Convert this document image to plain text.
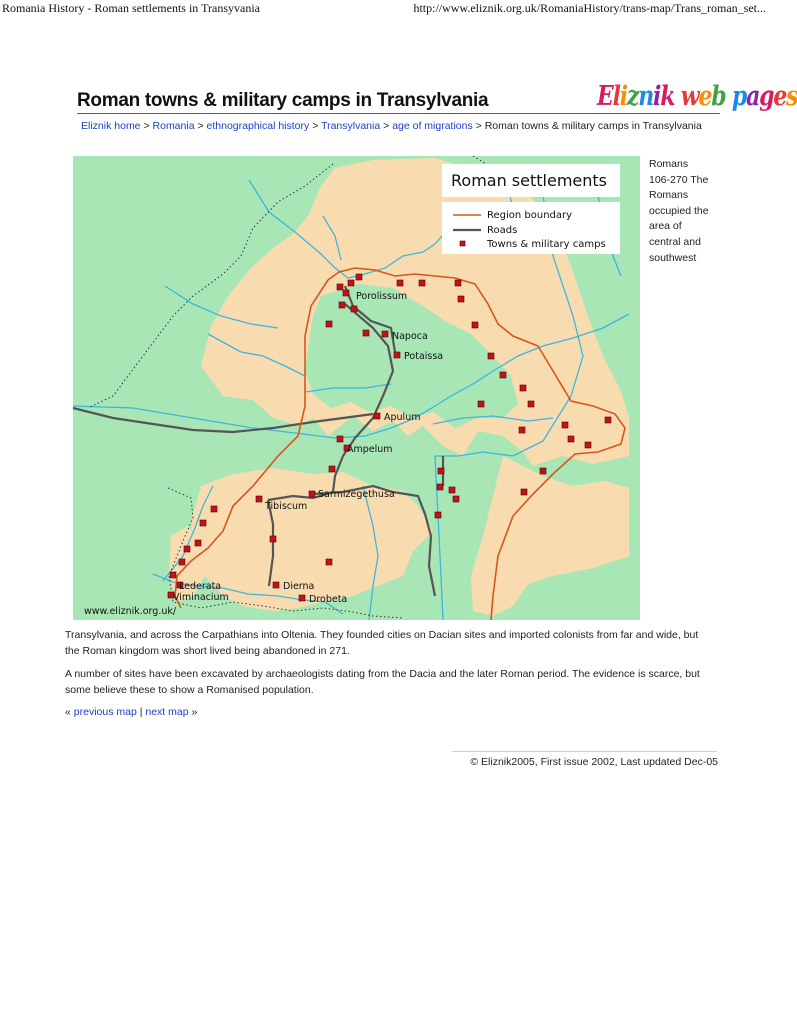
Romania History - Roman settlements in Transyvania	http://www.eliznik.org.uk/RomaniaHistory/trans-map/Trans_roman_set...
Roman towns & military camps in Transylvania	Eliznik web pages
Eliznik home > Romania > ethnographical history > Transylvania > age of migrations > Roman towns & military camps in Transylvania
Porolissum
Napoca
Potaissa
Apulum
Ampelum
Sarmizegethusa
Tibiscum
Lederata
Viminacium
Dierna
Drobeta
Roman settlements
Region boundary
Roads
Towns & military camps
www.eliznik.org.uk/
Romans 106-270 The Romans occupied the area of central and southwest

Transylvania, and across the Carpathians into Oltenia. They founded cities on Dacian sites and imported colonists from far and wide, but the Roman kingdom was short lived being abandoned in 271.

A number of sites have been excavated by archaeologists dating from the Dacia and the later Roman period. The evidence is scarce, but some believe these to show a Romanised population.

« previous map | next map »
© Eliznik2005, First issue 2002, Last updated Dec-05
